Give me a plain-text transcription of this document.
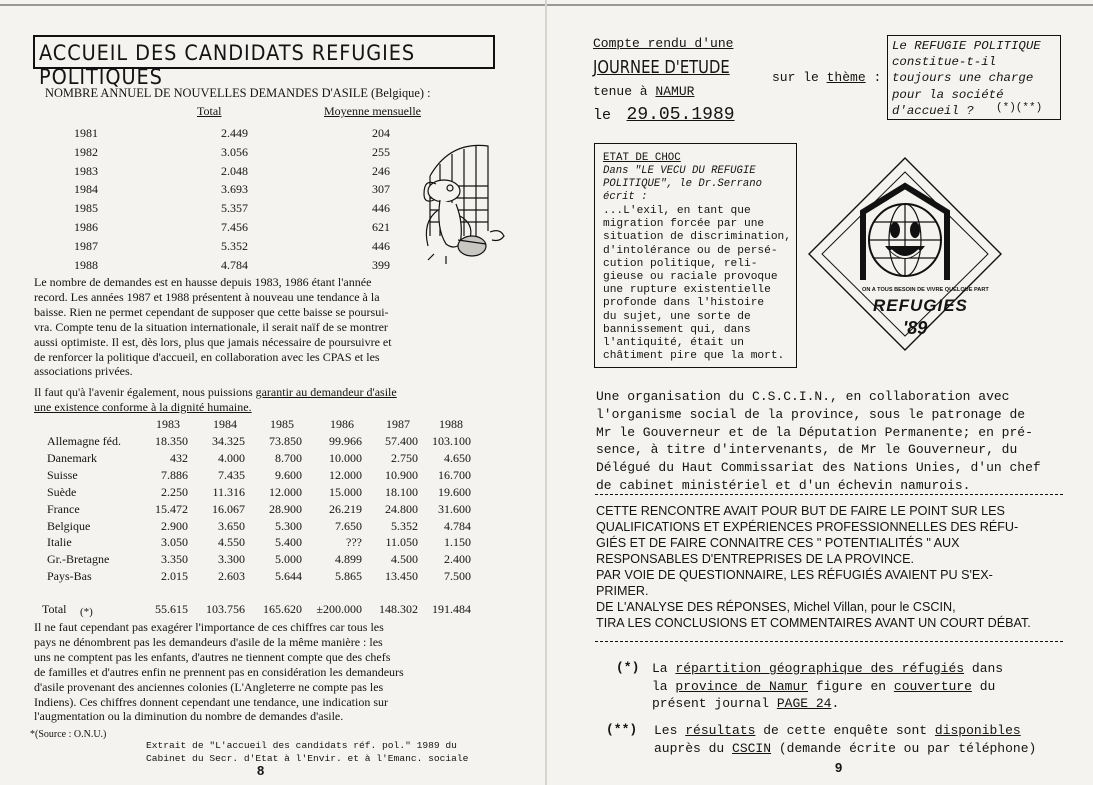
ACCUEIL DES CANDIDATS REFUGIES POLITIQUES
NOMBRE ANNUEL DE NOUVELLES DEMANDES D'ASILE (Belgique) :
Total	Moyenne mensuelle
1981	2.449	204
1982	3.056	255
1983	2.048	246
1984	3.693	307
1985	5.357	446
1986	7.456	621
1987	5.352	446
1988	4.784	399
Le nombre de demandes est en hausse depuis 1983, 1986 étant l'année
record. Les années 1987 et 1988 présentent à nouveau une tendance à la
baisse. Rien ne permet cependant de supposer que cette baisse se poursui-
vra. Compte tenu de la situation internationale, il serait naïf de se montrer
aussi optimiste. Il est, dès lors, plus que jamais nécessaire de poursuivre et
de renforcer la politique d'accueil, en collaboration avec les CPAS et les
associations privées.
Il faut qu'à l'avenir également, nous puissions garantir au demandeur d'asile
une existence conforme à la dignité humaine.
1983	1984	1985	1986	1987	1988
Allemagne féd.	18.350	34.325	73.850	99.966	57.400	103.100
Danemark	432	4.000	8.700	10.000	2.750	4.650
Suisse	7.886	7.435	9.600	12.000	10.900	16.700
Suède	2.250	11.316	12.000	15.000	18.100	19.600
France	15.472	16.067	28.900	26.219	24.800	31.600
Belgique	2.900	3.650	5.300	7.650	5.352	4.784
Italie	3.050	4.550	5.400	???	11.050	1.150
Gr.-Bretagne	3.350	3.300	5.000	4.899	4.500	2.400
Pays-Bas	2.015	2.603	5.644	5.865	13.450	7.500
Total (*)	55.615	103.756	165.620	±200.000	148.302	191.484
Il ne faut cependant pas exagérer l'importance de ces chiffres car tous les
pays ne dénombrent pas les demandeurs d'asile de la même manière : les
uns ne comptent pas les enfants, d'autres ne tiennent compte que des chefs
de familles et d'autres enfin ne prennent pas en considération les demandeurs
d'asile provenant des anciennes colonies (L'Angleterre ne compte pas les
Indiens). Ces chiffres donnent cependant une tendance, une indication sur
l'augmentation ou la diminution du nombre de demandes d'asile.
*(Source : O.N.U.)
Extrait de "L'accueil des candidats réf. pol." 1989 du
Cabinet du Secr. d'Etat à l'Envir. et à l'Emanc. sociale
8
Compte rendu d'une
JOURNEE D'ETUDE
tenue à NAMUR
le 29.05.1989
sur le thème :
Le REFUGIE POLITIQUE
constitue-t-il
toujours une charge
pour la société
d'accueil ?	(*)(**)
ETAT DE CHOC
Dans "LE VECU DU REFUGIE
POLITIQUE", le Dr.Serrano
écrit :
...L'exil, en tant que
migration forcée par une
situation de discrimination,
d'intolérance ou de persé-
cution politique, reli-
gieuse ou raciale provoque
une rupture existentielle
profonde dans l'histoire
du sujet, une sorte de
bannissement qui, dans
l'antiquité, était un
châtiment pire que la mort.
ON A TOUS BESOIN DE VIVRE QUELQUE PART
REFUGIES
'89
Une organisation du C.S.C.I.N., en collaboration avec
l'organisme social de la province, sous le patronage de
Mr le Gouverneur et de la Députation Permanente; en pré-
sence, à titre d'intervenants, de Mr le Gouverneur, du
Délégué du Haut Commissariat des Nations Unies, d'un chef
de cabinet ministériel et d'un échevin namurois.
CETTE RENCONTRE AVAIT POUR BUT DE FAIRE LE POINT SUR LES
QUALIFICATIONS ET EXPÉRIENCES PROFESSIONNELLES DES RÉFU-
GIÉS ET DE FAIRE CONNAITRE CES " POTENTIALITÉS " AUX
RESPONSABLES D'ENTREPRISES DE LA PROVINCE.
PAR VOIE DE QUESTIONNAIRE, LES RÉFUGIÉS AVAIENT PU S'EX-
PRIMER.
DE L'ANALYSE DES RÉPONSES, Michel Villan, pour le CSCIN,
TIRA LES CONCLUSIONS ET COMMENTAIRES AVANT UN COURT DÉBAT.
(*) La répartition géographique des réfugiés dans
la province de Namur figure en couverture du
présent journal PAGE 24.
(**) Les résultats de cette enquête sont disponibles
auprès du CSCIN (demande écrite ou par téléphone)
9
